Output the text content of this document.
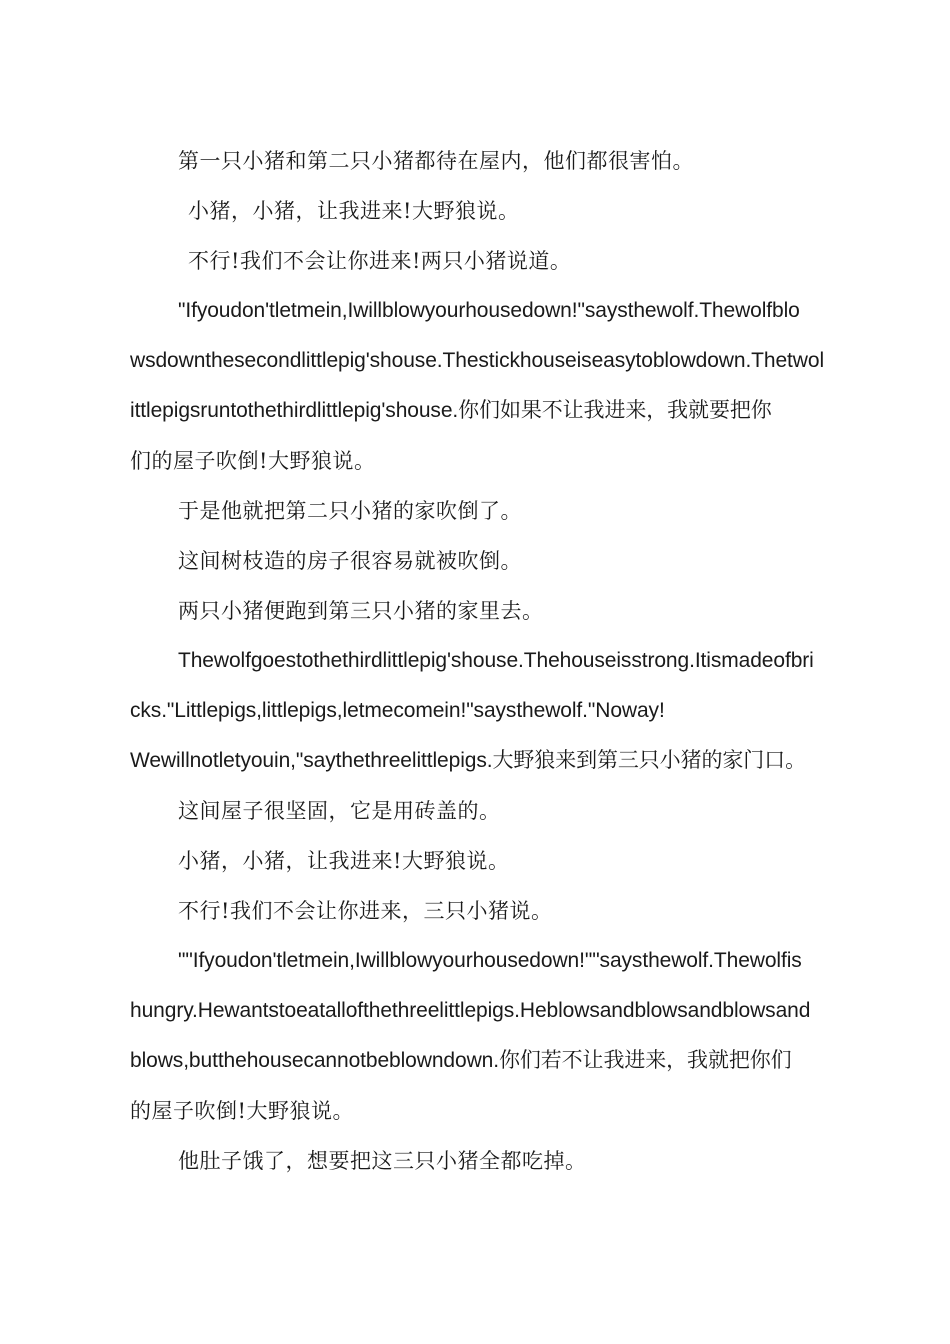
第一只小猪和第二只小猪都待在屋内，他们都很害怕。
小猪，小猪，让我进来!大野狼说。
不行!我们不会让你进来!两只小猪说道。
"Ifyoudon'tletmein,Iwillblowyourhousedown!"saysthewolf.Thewolfblo
wsdownthesecondlittlepig'shouse.Thestickhouseiseasytoblowdown.Thetwol
ittlepigsruntothethirdlittlepig'shouse.你们如果不让我进来，我就要把你
们的屋子吹倒!大野狼说。
于是他就把第二只小猪的家吹倒了。
这间树枝造的房子很容易就被吹倒。
两只小猪便跑到第三只小猪的家里去。
Thewolfgoestothethirdlittlepig'shouse.Thehouseisstrong.Itismadeofbri
cks."Littlepigs,littlepigs,letmecomein!"saysthewolf."Noway!
Wewillnotletyouin,"saythethreelittlepigs.大野狼来到第三只小猪的家门口。
这间屋子很坚固，它是用砖盖的。
小猪，小猪，让我进来!大野狼说。
不行!我们不会让你进来，三只小猪说。
""Ifyoudon'tletmein,Iwillblowyourhousedown!""saysthewolf.Thewolfis
hungry.Hewantstoeatallofthethreelittlepigs.Heblowsandblowsandblowsand
blows,butthehousecannotbeblowndown.你们若不让我进来，我就把你们
的屋子吹倒!大野狼说。
他肚子饿了，想要把这三只小猪全都吃掉。
